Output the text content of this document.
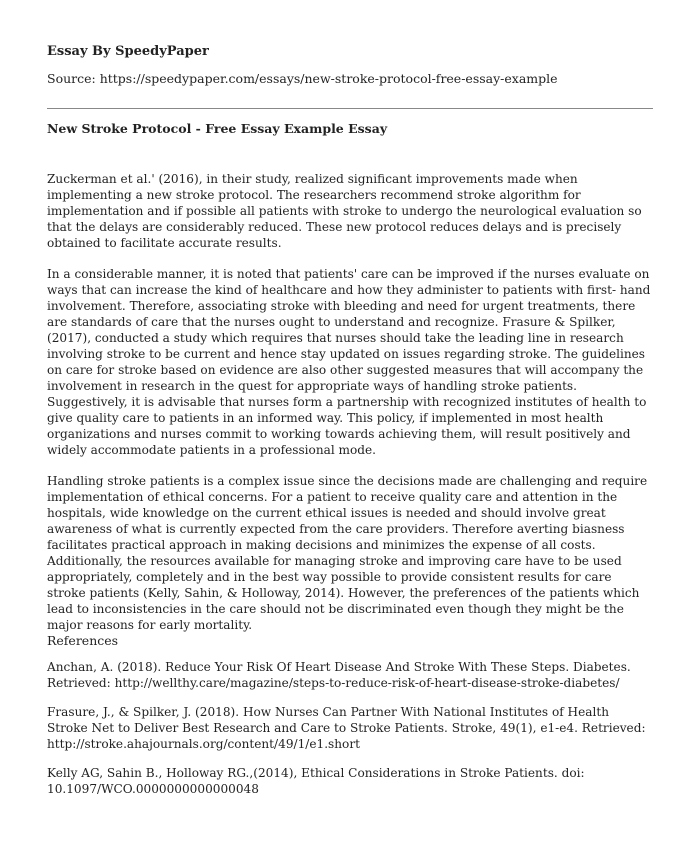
Essay By SpeedyPaper
Source: https://speedypaper.com/essays/new-stroke-protocol-free-essay-example
New Stroke Protocol - Free Essay Example Essay

Zuckerman et al.' (2016), in their study, realized significant improvements made when implementing a new stroke protocol. The researchers recommend stroke algorithm for implementation and if possible all patients with stroke to undergo the neurological evaluation so that the delays are considerably reduced. These new protocol reduces delays and is precisely obtained to facilitate accurate results.

In a considerable manner, it is noted that patients' care can be improved if the nurses evaluate on ways that can increase the kind of healthcare and how they administer to patients with first- hand involvement. Therefore, associating stroke with bleeding and need for urgent treatments, there are standards of care that the nurses ought to understand and recognize. Frasure & Spilker, (2017), conducted a study which requires that nurses should take the leading line in research involving stroke to be current and hence stay updated on issues regarding stroke. The guidelines on care for stroke based on evidence are also other suggested measures that will accompany the involvement in research in the quest for appropriate ways of handling stroke patients. Suggestively, it is advisable that nurses form a partnership with recognized institutes of health to give quality care to patients in an informed way. This policy, if implemented in most health organizations and nurses commit to working towards achieving them, will result positively and widely accommodate patients in a professional mode.

Handling stroke patients is a complex issue since the decisions made are challenging and require implementation of ethical concerns. For a patient to receive quality care and attention in the hospitals, wide knowledge on the current ethical issues is needed and should involve great awareness of what is currently expected from the care providers. Therefore averting biasness facilitates practical approach in making decisions and minimizes the expense of all costs. Additionally, the resources available for managing stroke and improving care have to be used appropriately, completely and in the best way possible to provide consistent results for care stroke patients (Kelly, Sahin, & Holloway, 2014). However, the preferences of the patients which lead to inconsistencies in the care should not be discriminated even though they might be the major reasons for early mortality.

References

Anchan, A. (2018). Reduce Your Risk Of Heart Disease And Stroke With These Steps. Diabetes. Retrieved: http://wellthy.care/magazine/steps-to-reduce-risk-of-heart-disease-stroke-diabetes/

Frasure, J., & Spilker, J. (2018). How Nurses Can Partner With National Institutes of Health Stroke Net to Deliver Best Research and Care to Stroke Patients. Stroke, 49(1), e1-e4. Retrieved: http://stroke.ahajournals.org/content/49/1/e1.short

Kelly AG, Sahin B., Holloway RG.,(2014), Ethical Considerations in Stroke Patients. doi: 10.1097/WCO.0000000000000048
